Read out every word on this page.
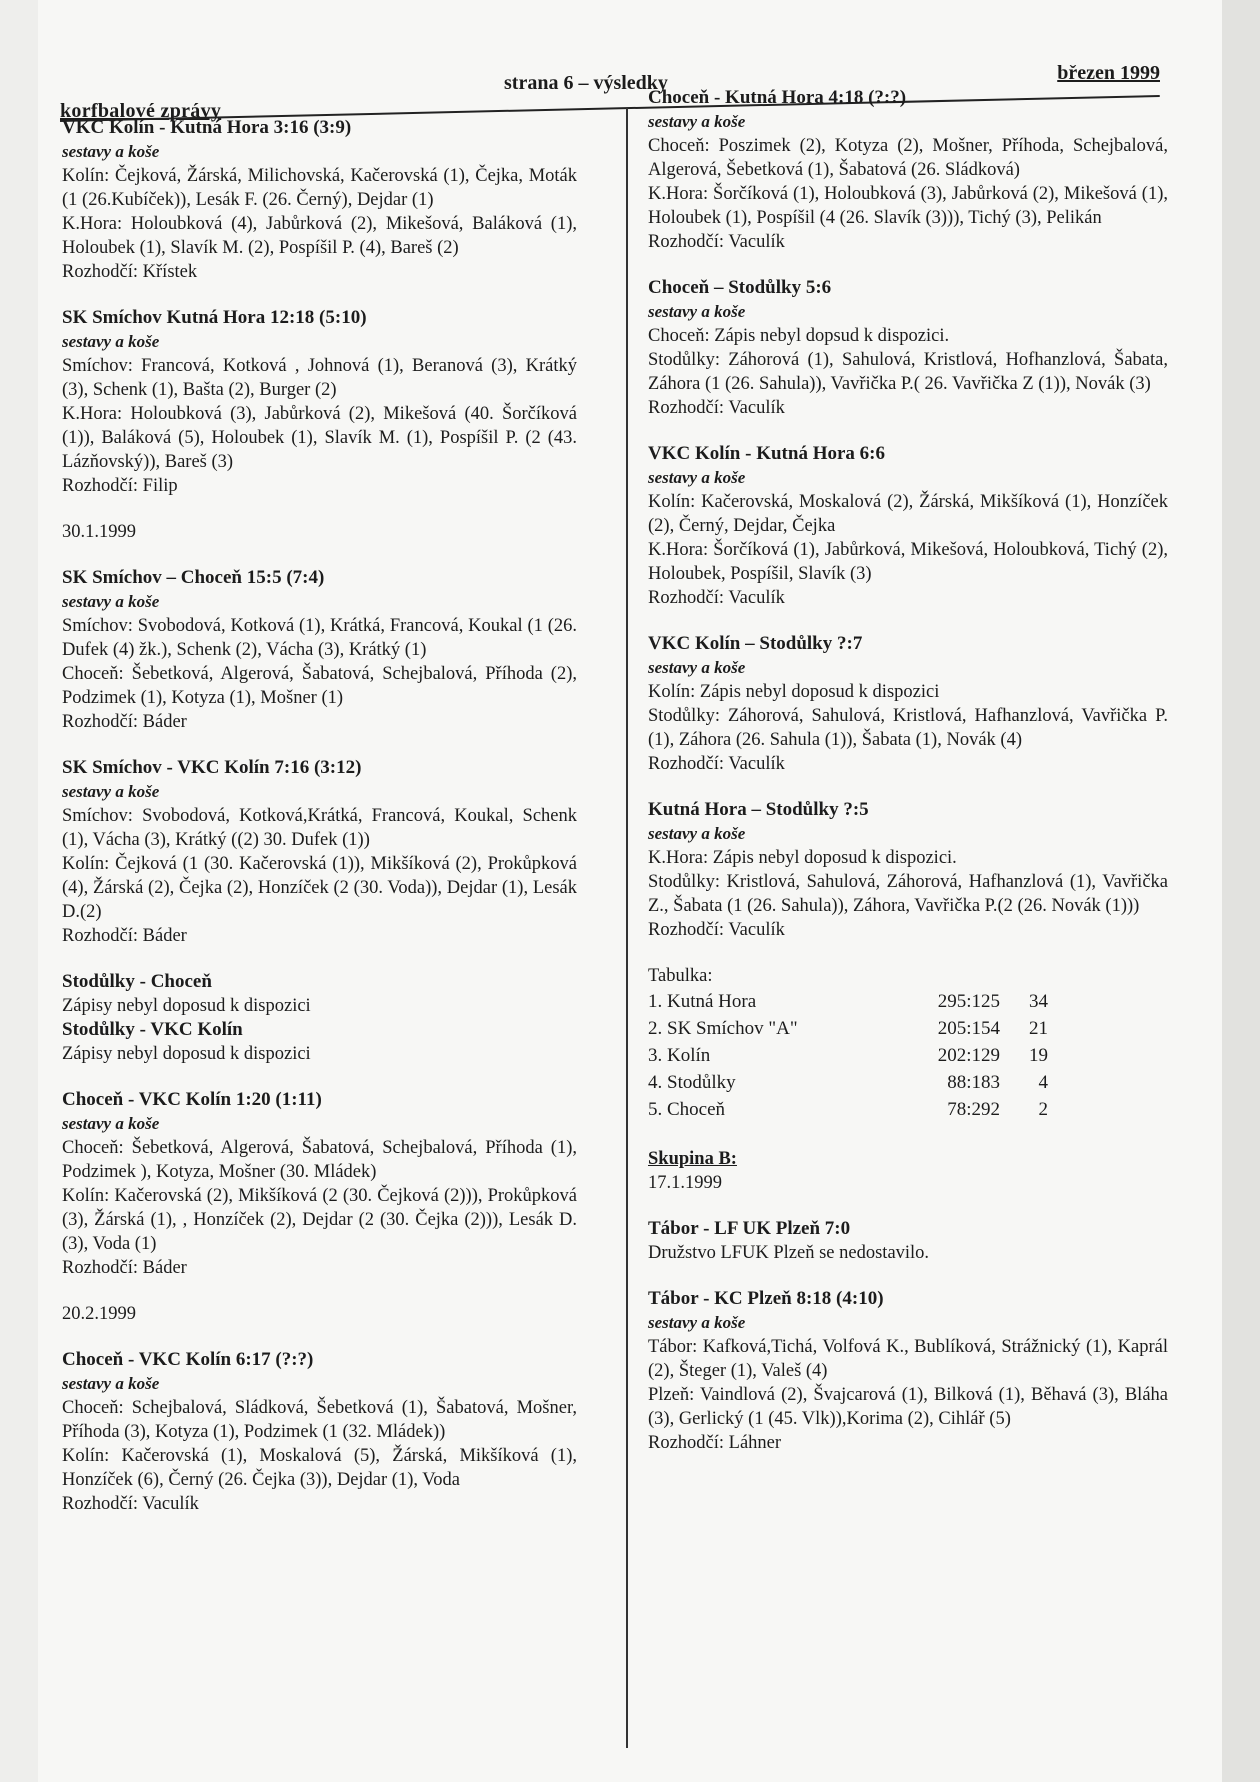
korfbalové zprávy
strana 6 – výsledky	březen 1999
VKC Kolín - Kutná Hora 3:16 (3:9)
sestavy a koše
Kolín: Čejková, Žárská, Milichovská, Kačerovská (1), Čejka, Moták (1 (26.Kubíček)), Lesák F. (26. Černý), Dejdar (1)
K.Hora: Holoubková (4), Jabůrková (2), Mikešová, Baláková (1), Holoubek (1), Slavík M. (2), Pospíšil P. (4), Bareš (2)
Rozhodčí: Křístek
SK Smíchov Kutná Hora 12:18 (5:10)
sestavy a koše
Smíchov: Francová, Kotková , Johnová (1), Beranová (3), Krátký (3), Schenk (1), Bašta (2), Burger (2)
K.Hora: Holoubková (3), Jabůrková (2), Mikešová (40. Šorčíková (1)), Baláková (5), Holoubek (1), Slavík M. (1), Pospíšil P. (2 (43. Lázňovský)), Bareš (3)
Rozhodčí: Filip
30.1.1999
SK Smíchov – Choceň 15:5 (7:4)
sestavy a koše
Smíchov: Svobodová, Kotková (1), Krátká, Francová, Koukal (1 (26. Dufek (4) žk.), Schenk (2), Vácha (3), Krátký (1)
Choceň: Šebetková, Algerová, Šabatová, Schejbalová, Příhoda (2), Podzimek (1), Kotyza (1), Mošner (1)
Rozhodčí: Báder
SK Smíchov - VKC Kolín 7:16 (3:12)
sestavy a koše
Smíchov: Svobodová, Kotková,Krátká, Francová, Koukal, Schenk (1), Vácha (3), Krátký ((2) 30. Dufek (1))
Kolín: Čejková (1 (30. Kačerovská (1)), Mikšíková (2), Prokůpková (4), Žárská (2), Čejka (2), Honzíček (2 (30. Voda)), Dejdar (1), Lesák D.(2)
Rozhodčí: Báder
Stodůlky - Choceň
Zápisy nebyl doposud k dispozici
Stodůlky - VKC Kolín
Zápisy nebyl doposud k dispozici
Choceň - VKC Kolín 1:20 (1:11)
sestavy a koše
Choceň: Šebetková, Algerová, Šabatová, Schejbalová, Příhoda (1), Podzimek ), Kotyza, Mošner (30. Mládek)
Kolín: Kačerovská (2), Mikšíková (2 (30. Čejková (2))), Prokůpková (3), Žárská (1), , Honzíček (2), Dejdar (2 (30. Čejka (2))), Lesák D.(3), Voda (1)
Rozhodčí: Báder
20.2.1999
Choceň - VKC Kolín 6:17 (?:?)
sestavy a koše
Choceň: Schejbalová, Sládková, Šebetková (1), Šabatová, Mošner, Příhoda (3), Kotyza (1), Podzimek (1 (32. Mládek))
Kolín: Kačerovská (1), Moskalová (5), Žárská, Mikšíková (1), Honzíček (6), Černý (26. Čejka (3)), Dejdar (1), Voda
Rozhodčí: Vaculík
Choceň - Kutná Hora 4:18 (?:?)
sestavy a koše
Choceň: Poszimek (2), Kotyza (2), Mošner, Příhoda, Schejbalová, Algerová, Šebetková (1), Šabatová (26. Sládková)
K.Hora: Šorčíková (1), Holoubková (3), Jabůrková (2), Mikešová (1), Holoubek (1), Pospíšil (4 (26. Slavík (3))), Tichý (3), Pelikán
Rozhodčí: Vaculík
Choceň – Stodůlky 5:6
sestavy a koše
Choceň: Zápis nebyl dopsud k dispozici.
Stodůlky: Záhorová (1), Sahulová, Kristlová, Hofhanzlová, Šabata, Záhora (1 (26. Sahula)), Vavřička P.( 26. Vavřička Z (1)), Novák (3)
Rozhodčí: Vaculík
VKC Kolín - Kutná Hora 6:6
sestavy a koše
Kolín: Kačerovská, Moskalová (2), Žárská, Mikšíková (1), Honzíček (2), Černý, Dejdar, Čejka
K.Hora: Šorčíková (1), Jabůrková, Mikešová, Holoubková, Tichý (2), Holoubek, Pospíšil, Slavík (3)
Rozhodčí: Vaculík
VKC Kolín – Stodůlky ?:7
sestavy a koše
Kolín: Zápis nebyl doposud k dispozici
Stodůlky: Záhorová, Sahulová, Kristlová, Hafhanzlová, Vavřička P.(1), Záhora (26. Sahula (1)), Šabata (1), Novák (4)
Rozhodčí: Vaculík
Kutná Hora – Stodůlky ?:5
sestavy a koše
K.Hora: Zápis nebyl doposud k dispozici.
Stodůlky: Kristlová, Sahulová, Záhorová, Hafhanzlová (1), Vavřička Z., Šabata (1 (26. Sahula)), Záhora, Vavřička P.(2 (26. Novák (1)))
Rozhodčí: Vaculík
Tabulka:
1. Kutná Hora	295:125	34
2. SK Smíchov "A"	205:154	21
3. Kolín	202:129	19
4. Stodůlky	88:183	4
5. Choceň	78:292	2
Skupina B:
17.1.1999
Tábor - LF UK Plzeň 7:0
Družstvo LFUK Plzeň se nedostavilo.
Tábor - KC Plzeň 8:18 (4:10)
sestavy a koše
Tábor: Kafková,Tichá, Volfová K., Bublíková, Strážnický (1), Kaprál (2), Šteger (1), Valeš (4)
Plzeň: Vaindlová (2), Švajcarová (1), Bilková (1), Běhavá (3), Bláha (3), Gerlický (1 (45. Vlk)),Korima (2), Cihlář (5)
Rozhodčí: Láhner
